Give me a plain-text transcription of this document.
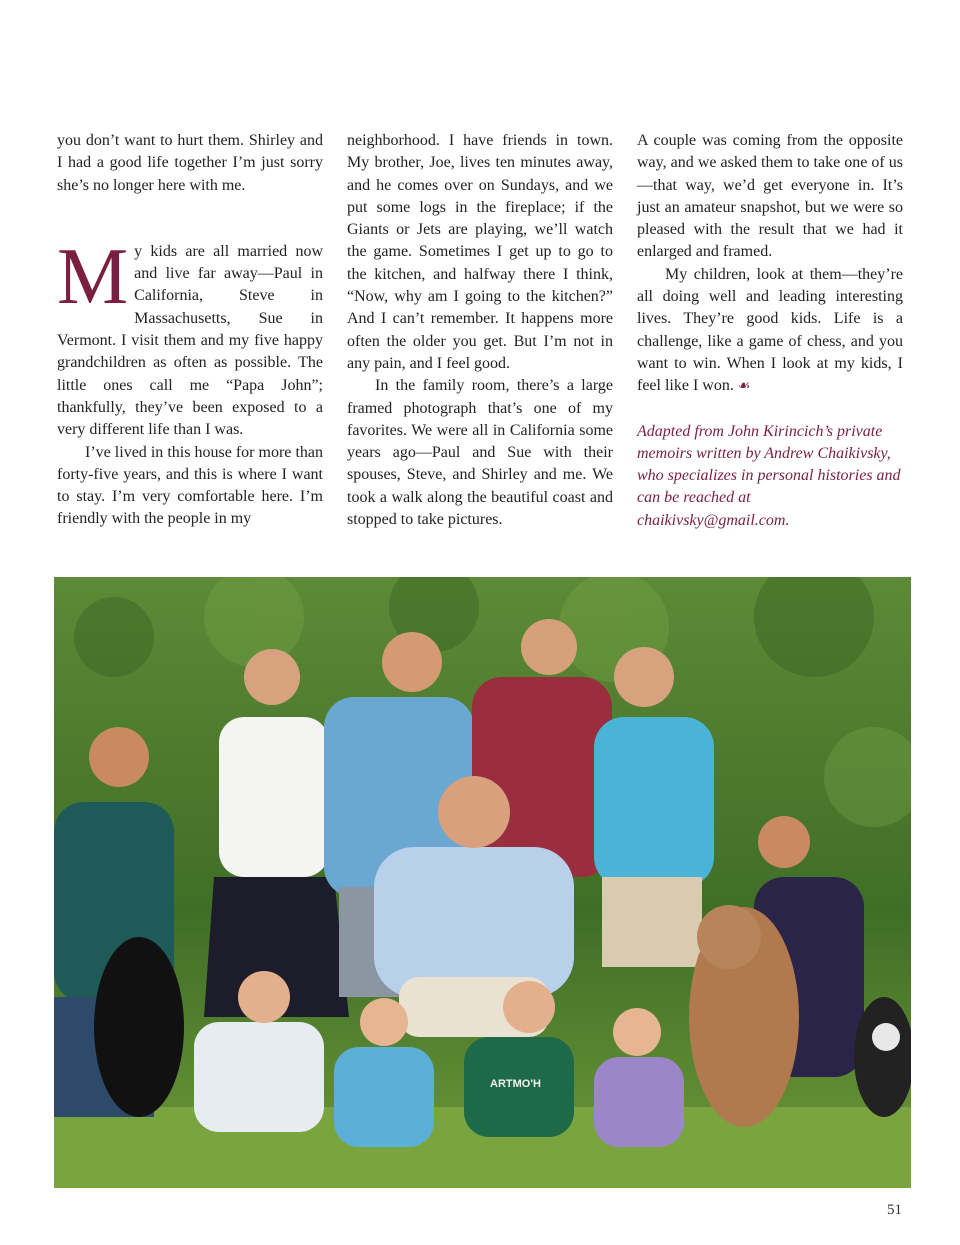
you don’t want to hurt them. Shirley and I had a good life together I’m just sorry she’s no longer here with me.

My kids are all married now and live far away—Paul in California, Steve in Massachusetts, Sue in Vermont. I visit them and my five happy grandchildren as often as possible. The little ones call me “Papa John”; thankfully, they’ve been exposed to a very different life than I was.

I’ve lived in this house for more than forty-five years, and this is where I want to stay. I’m very comfortable here. I’m friendly with the people in my

neighborhood. I have friends in town. My brother, Joe, lives ten minutes away, and he comes over on Sundays, and we put some logs in the fireplace; if the Giants or Jets are playing, we’ll watch the game. Sometimes I get up to go to the kitchen, and halfway there I think, “Now, why am I going to the kitchen?” And I can’t remember. It happens more often the older you get. But I’m not in any pain, and I feel good.

In the family room, there’s a large framed photograph that’s one of my favorites. We were all in California some years ago—Paul and Sue with their spouses, Steve, and Shirley and me. We took a walk along the beautiful coast and stopped to take pictures.

A couple was coming from the opposite way, and we asked them to take one of us—that way, we’d get everyone in. It’s just an amateur snapshot, but we were so pleased with the result that we had it enlarged and framed.

My children, look at them—they’re all doing well and leading interesting lives. They’re good kids. Life is a challenge, like a game of chess, and you want to win. When I look at my kids, I feel like I won. ☙

Adapted from John Kirincich’s private memoirs written by Andrew Chaikivsky, who specializes in personal histories and can be reached at chaikivsky@gmail.com.

ARTMO'H
51
